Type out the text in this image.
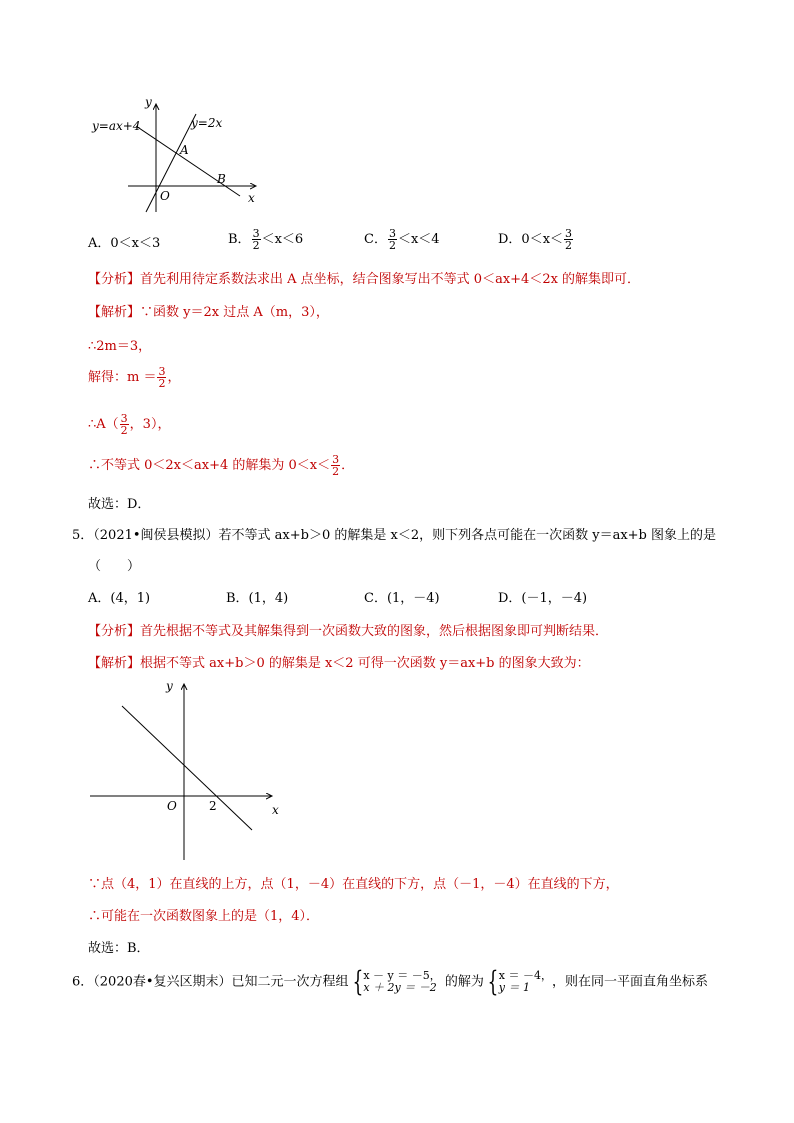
y
x
O
y=ax+4	y=2x
A
B
A．0＜x＜3	B． $\frac{3}{2} <x<6$	C． $\frac{3}{2} <x<4$	D．$0<x< \frac{3}{2}$
【分析】首先利用待定系数法求出 A 点坐标，结合图象写出不等式 0＜ax+4＜2x 的解集即可．
【解析】∵函数 y＝2x 过点 A（m，3），
∴2m＝3，
解得：$m = \frac{3}{2}$ ，
∴A（ $\frac{3}{2}$ ，3），
∴不等式 0＜2x＜ax+4 的解集为 $0<x< \frac{3}{2}$ ．
故选：D．
5．（2021•闽侯县模拟）若不等式 ax+b＞0 的解集是 x＜2，则下列各点可能在一次函数 y＝ax+b 图象上的是
（　　）
A．(4，1)	B．(1，4)	C．(1，－4)	D．(－1，－4)
【分析】首先根据不等式及其解集得到一次函数大致的图象，然后根据图象即可判断结果．
【解析】根据不等式 ax+b＞0 的解集是 x＜2 可得一次函数 y＝ax+b 的图象大致为：
y
x
O	2
∵点（4，1）在直线的上方，点（1，－4）在直线的下方，点（－1，－4）在直线的下方，
∴可能在一次函数图象上的是（1，4）．
故选：B．
6．（2020春•复兴区期末）已知二元一次方程组 { x － y ＝ －5，
x ＋ 2y ＝ －2 的解为 { x ＝ －4，
y ＝ 1	，则在同一平面直角坐标系
